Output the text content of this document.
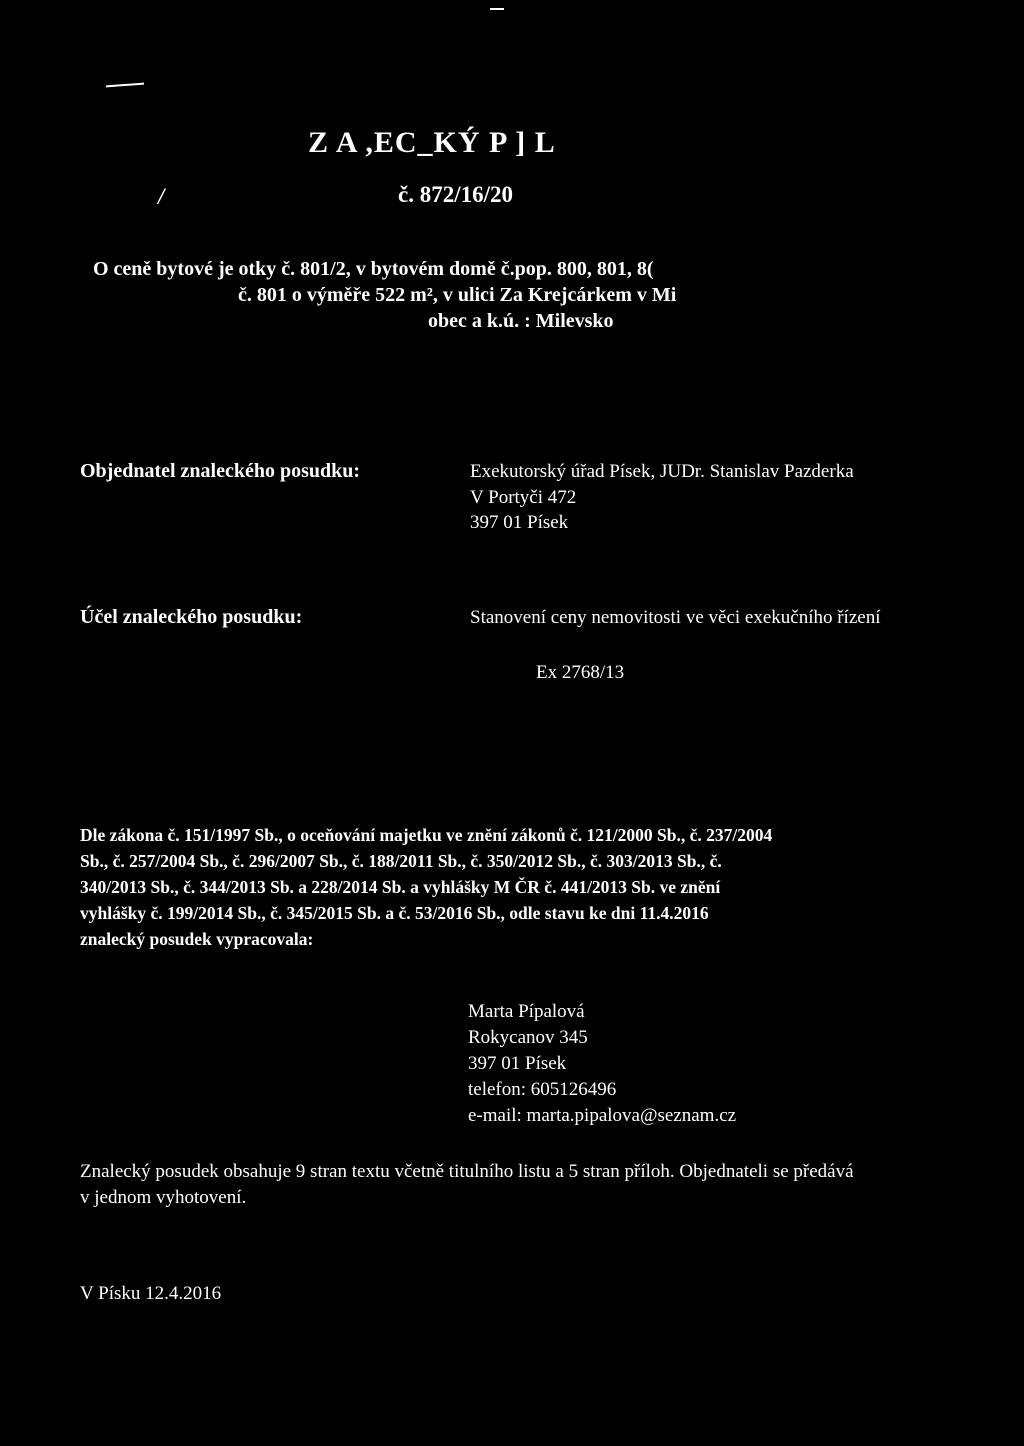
Z A ,EC_KÝ P ] L
/	č. 872/16/20
O ceně bytové je otky č. 801/2, v bytovém domě č.pop. 800, 801, 8(
č. 801 o výměře 522 m², v ulici Za Krejcárkem v Mi
obec a k.ú. : Milevsko
Objednatel znaleckého posudku:	Exekutorský úřad Písek, JUDr. Stanislav Pazderka
V Portyči 472
397 01 Písek
Účel znaleckého posudku:	Stanovení ceny nemovitosti ve věci exekučního řízení
Ex 2768/13
Dle zákona č. 151/1997 Sb., o oceňování majetku ve znění zákonů č. 121/2000 Sb., č. 237/2004
Sb., č. 257/2004 Sb., č. 296/2007 Sb., č. 188/2011 Sb., č. 350/2012 Sb., č. 303/2013 Sb., č.
340/2013 Sb., č. 344/2013 Sb. a 228/2014 Sb. a vyhlášky M ČR č. 441/2013 Sb. ve znění
vyhlášky č. 199/2014 Sb., č. 345/2015 Sb. a č. 53/2016 Sb., odle stavu ke dni 11.4.2016
znalecký posudek vypracovala:
Marta Pípalová
Rokycanov 345
397 01 Písek
telefon: 605126496
e-mail: marta.pipalova@seznam.cz
Znalecký posudek obsahuje 9 stran textu včetně titulního listu a 5 stran příloh. Objednateli se předává
v jednom vyhotovení.
V Písku 12.4.2016
